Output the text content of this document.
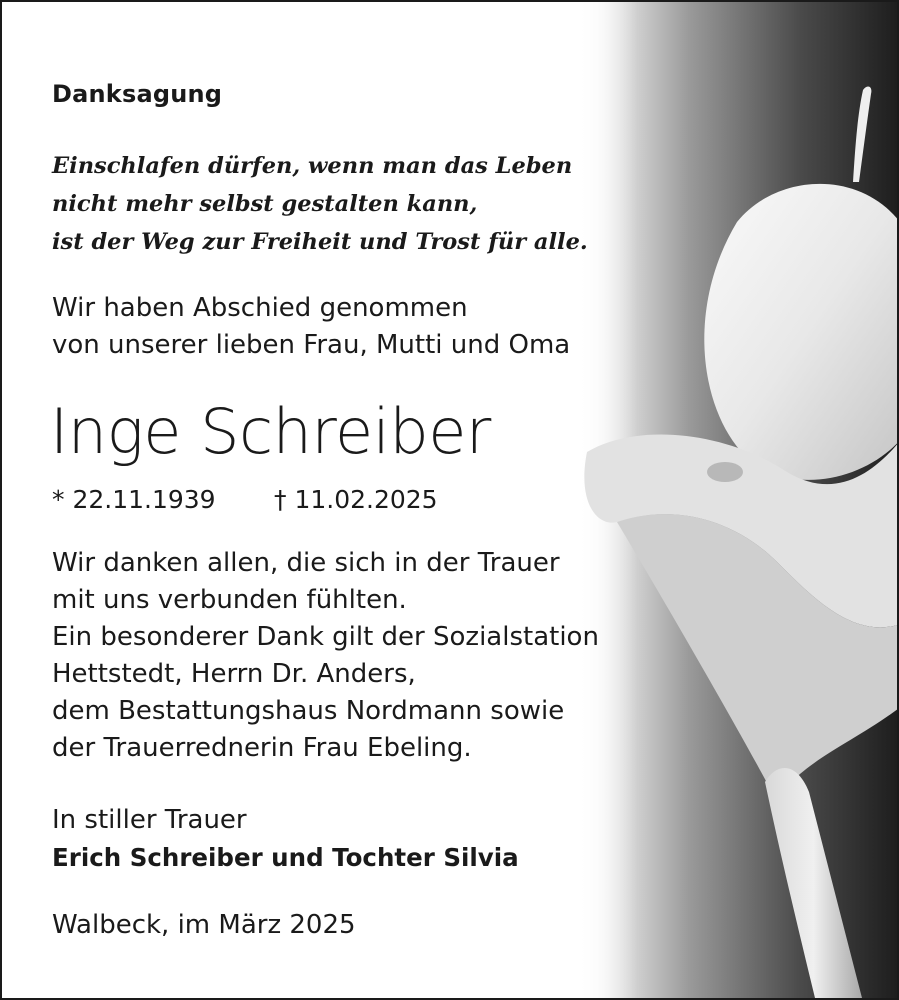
Danksagung
Einschlafen dürfen, wenn man das Leben
nicht mehr selbst gestalten kann,
ist der Weg zur Freiheit und Trost für alle.
Wir haben Abschied genommen
von unserer lieben Frau, Mutti und Oma
Inge Schreiber
* 22.11.1939 † 11.02.2025
Wir danken allen, die sich in der Trauer
mit uns verbunden fühlten.
Ein besonderer Dank gilt der Sozialstation
Hettstedt, Herrn Dr. Anders,
dem Bestattungshaus Nordmann sowie
der Trauerrednerin Frau Ebeling.
In stiller Trauer
Erich Schreiber und Tochter Silvia
Walbeck, im März 2025
